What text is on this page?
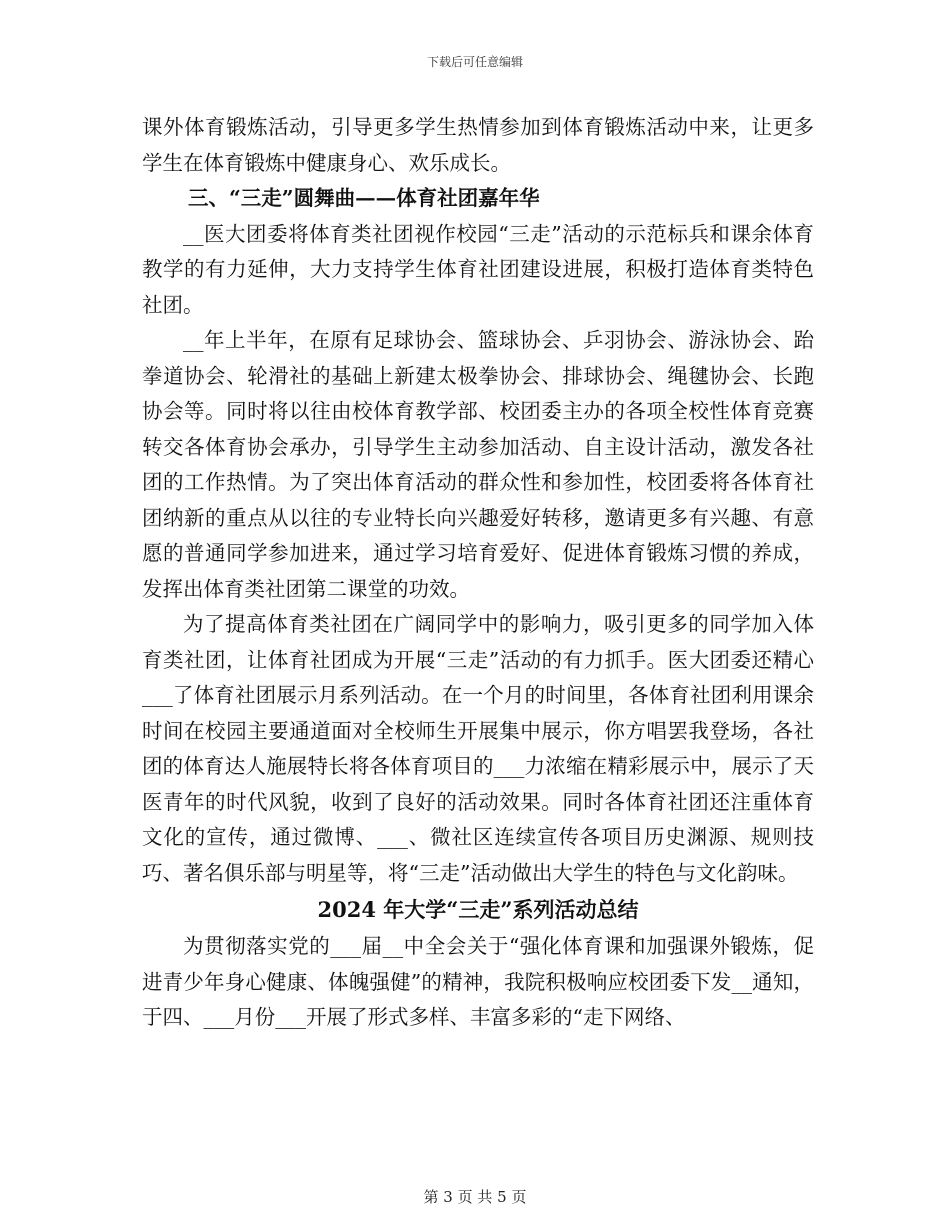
下载后可任意编辑

课外体育锻炼活动，引导更多学生热情参加到体育锻炼活动中来，让更多学生在体育锻炼中健康身心、欢乐成长。

三、“三走”圆舞曲——体育社团嘉年华

__医大团委将体育类社团视作校园“三走”活动的示范标兵和课余体育教学的有力延伸，大力支持学生体育社团建设进展，积极打造体育类特色社团。

__年上半年，在原有足球协会、篮球协会、乒羽协会、游泳协会、跆拳道协会、轮滑社的基础上新建太极拳协会、排球协会、绳毽协会、长跑协会等。同时将以往由校体育教学部、校团委主办的各项全校性体育竞赛转交各体育协会承办，引导学生主动参加活动、自主设计活动，激发各社团的工作热情。为了突出体育活动的群众性和参加性，校团委将各体育社团纳新的重点从以往的专业特长向兴趣爱好转移，邀请更多有兴趣、有意愿的普通同学参加进来，通过学习培育爱好、促进体育锻炼习惯的养成，发挥出体育类社团第二课堂的功效。

为了提高体育类社团在广阔同学中的影响力，吸引更多的同学加入体育类社团，让体育社团成为开展“三走”活动的有力抓手。医大团委还精心___了体育社团展示月系列活动。在一个月的时间里，各体育社团利用课余时间在校园主要通道面对全校师生开展集中展示，你方唱罢我登场，各社团的体育达人施展特长将各体育项目的___力浓缩在精彩展示中，展示了天医青年的时代风貌，收到了良好的活动效果。同时各体育社团还注重体育文化的宣传，通过微博、___、微社区连续宣传各项目历史渊源、规则技巧、著名俱乐部与明星等，将“三走”活动做出大学生的特色与文化韵味。

2024 年大学“三走”系列活动总结

为贯彻落实党的___届__中全会关于“强化体育课和加强课外锻炼，促进青少年身心健康、体魄强健”的精神，我院积极响应校团委下发__通知，于四、___月份___开展了形式多样、丰富多彩的“走下网络、

第 3 页 共 5 页
